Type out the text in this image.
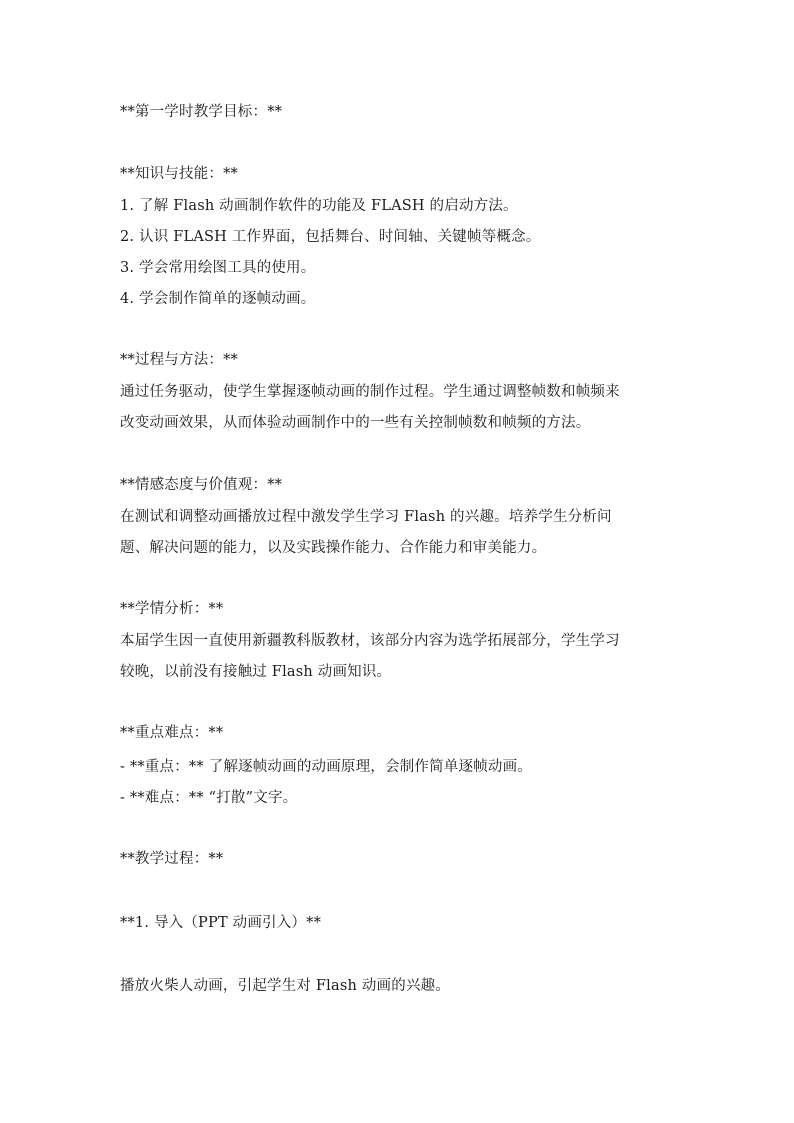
**第一学时教学目标：**
**知识与技能：**
1. 了解 Flash 动画制作软件的功能及 FLASH 的启动方法。
2. 认识 FLASH 工作界面，包括舞台、时间轴、关键帧等概念。
3. 学会常用绘图工具的使用。
4. 学会制作简单的逐帧动画。
**过程与方法：**
通过任务驱动，使学生掌握逐帧动画的制作过程。学生通过调整帧数和帧频来
改变动画效果，从而体验动画制作中的一些有关控制帧数和帧频的方法。
**情感态度与价值观：**
在测试和调整动画播放过程中激发学生学习 Flash 的兴趣。培养学生分析问
题、解决问题的能力，以及实践操作能力、合作能力和审美能力。
**学情分析：**
本届学生因一直使用新疆教科版教材，该部分内容为选学拓展部分，学生学习
较晚，以前没有接触过 Flash 动画知识。
**重点难点：**
- **重点：** 了解逐帧动画的动画原理，会制作简单逐帧动画。
- **难点：** “打散”文字。
**教学过程：**
**1. 导入（PPT 动画引入）**
播放火柴人动画，引起学生对 Flash 动画的兴趣。
